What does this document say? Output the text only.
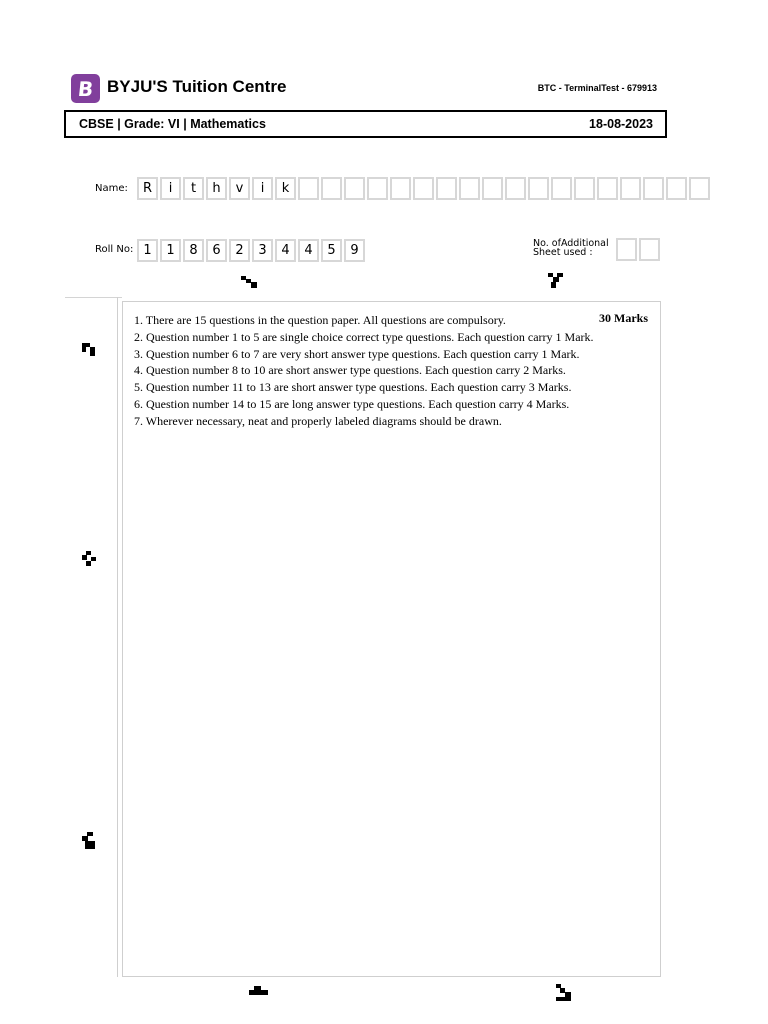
B BYJU'S Tuition Centre	BTC - TerminalTest - 679913
CBSE | Grade: VI | Mathematics	18-08-2023
Name:	R	i	t	h	v	i	k
Roll No: 1	1	8	6	2	3	4	4	5	9	No. ofAdditional
Sheet used :
30 Marks
1. There are 15 questions in the question paper. All questions are compulsory.
2. Question number 1 to 5 are single choice correct type questions. Each question carry 1 Mark.
3. Question number 6 to 7 are very short answer type questions. Each question carry 1 Mark.
4. Question number 8 to 10 are short answer type questions. Each question carry 2 Marks.
5. Question number 11 to 13 are short answer type questions. Each question carry 3 Marks.
6. Question number 14 to 15 are long answer type questions. Each question carry 4 Marks.
7. Wherever necessary, neat and properly labeled diagrams should be drawn.
